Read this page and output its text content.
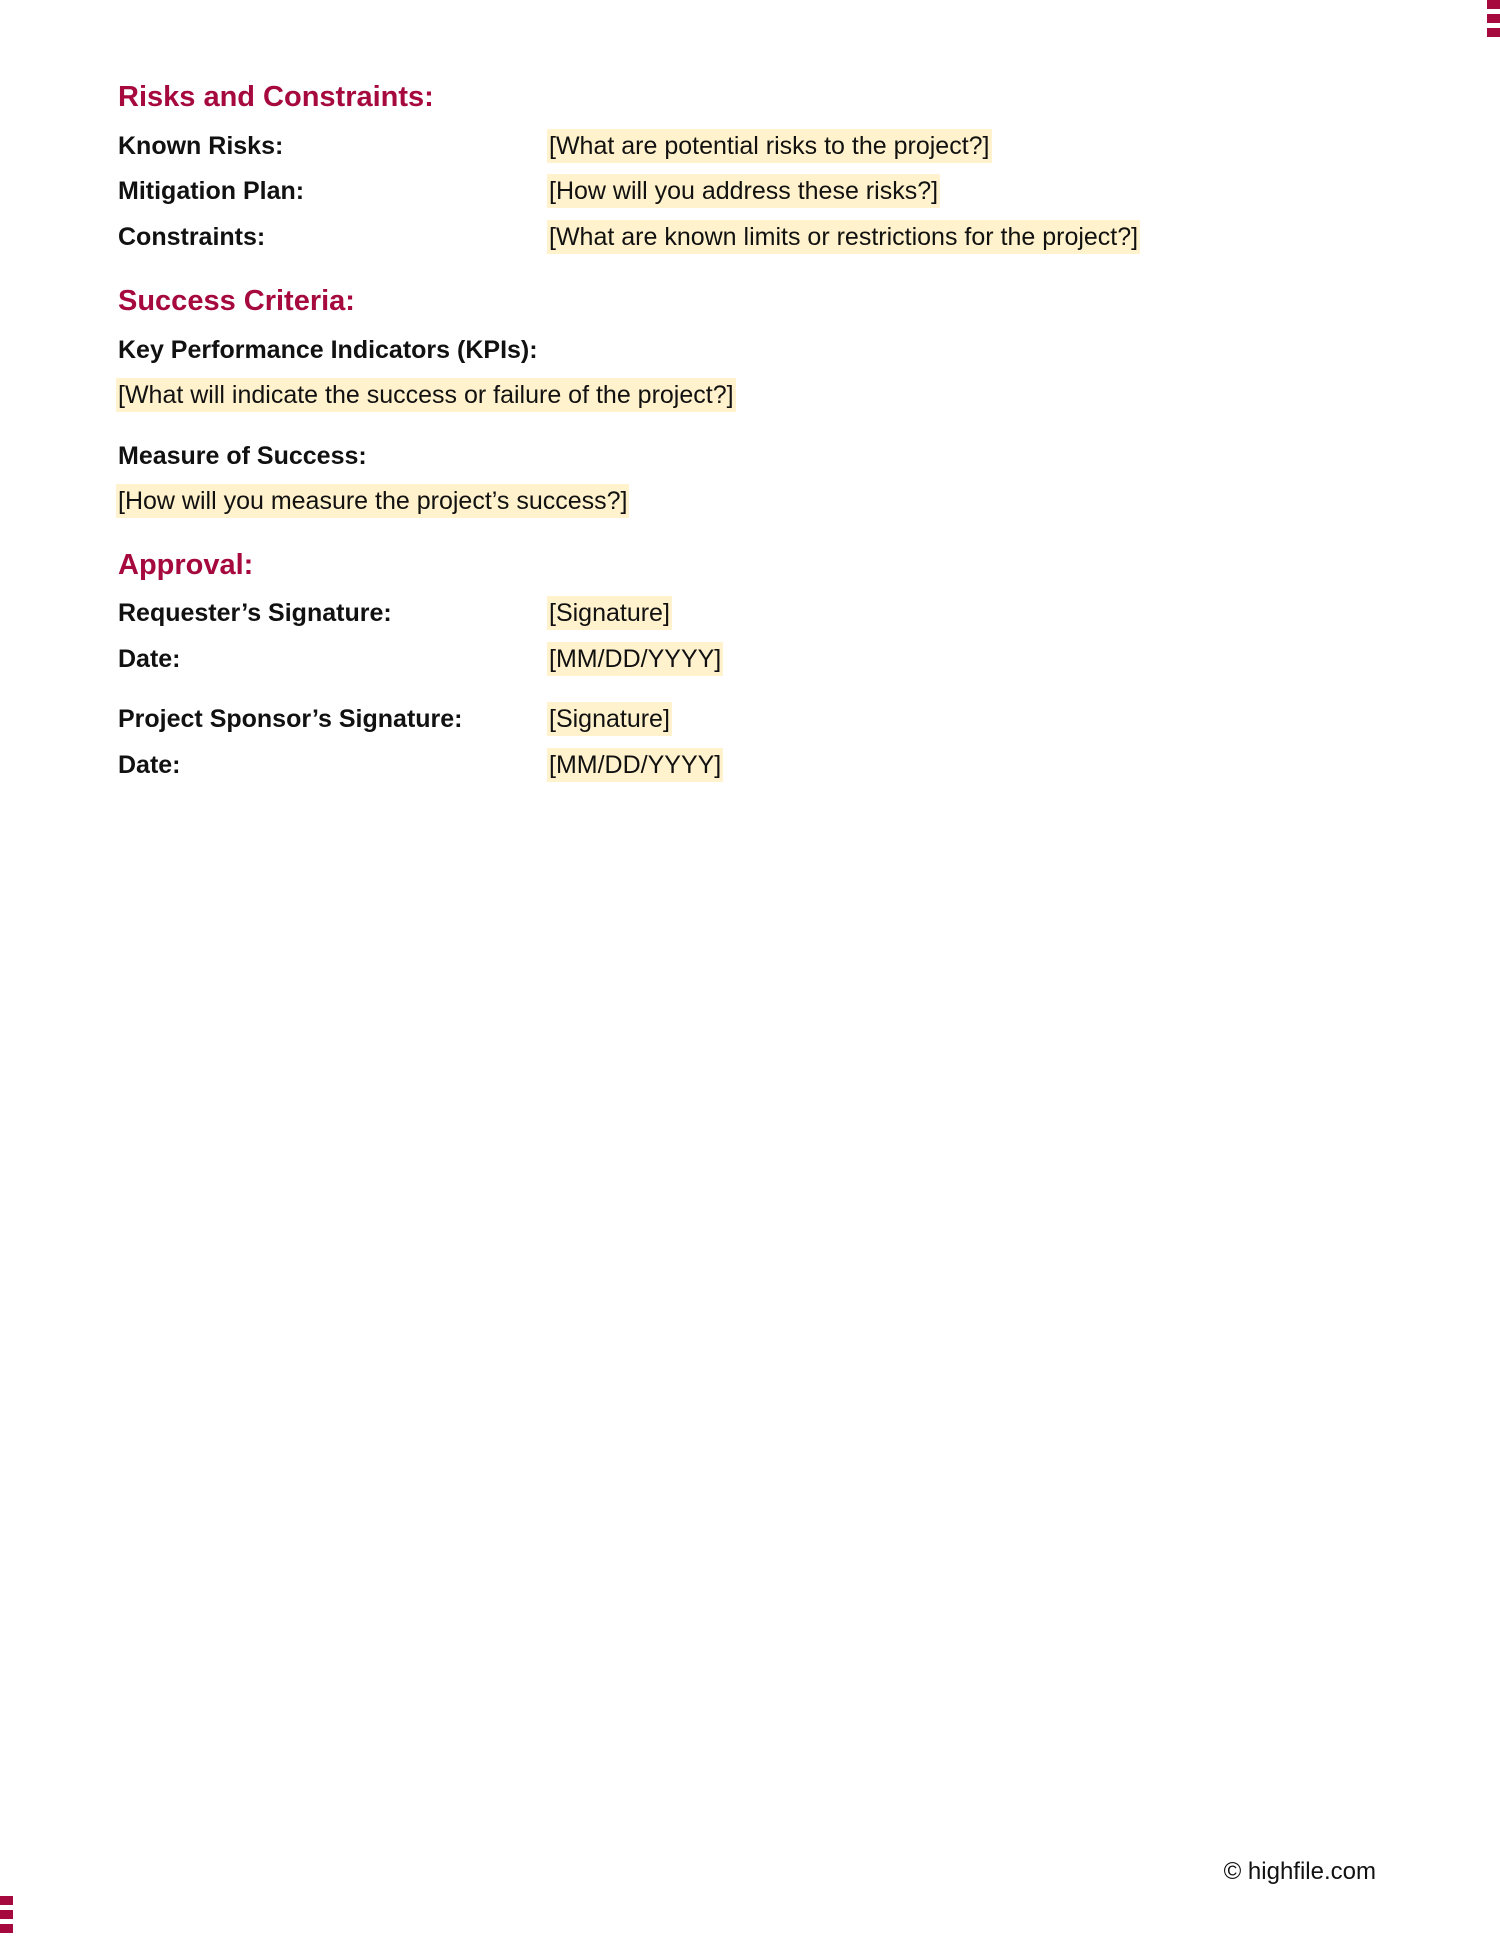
Risks and Constraints:
Known Risks:	[What are potential risks to the project?]
Mitigation Plan:	[How will you address these risks?]
Constraints:	[What are known limits or restrictions for the project?]
Success Criteria:
Key Performance Indicators (KPIs):
[What will indicate the success or failure of the project?]
Measure of Success:
[How will you measure the project’s success?]
Approval:
Requester’s Signature:	[Signature]
Date:	[MM/DD/YYYY]
Project Sponsor’s Signature:	[Signature]
Date:	[MM/DD/YYYY]
© highfile.com
